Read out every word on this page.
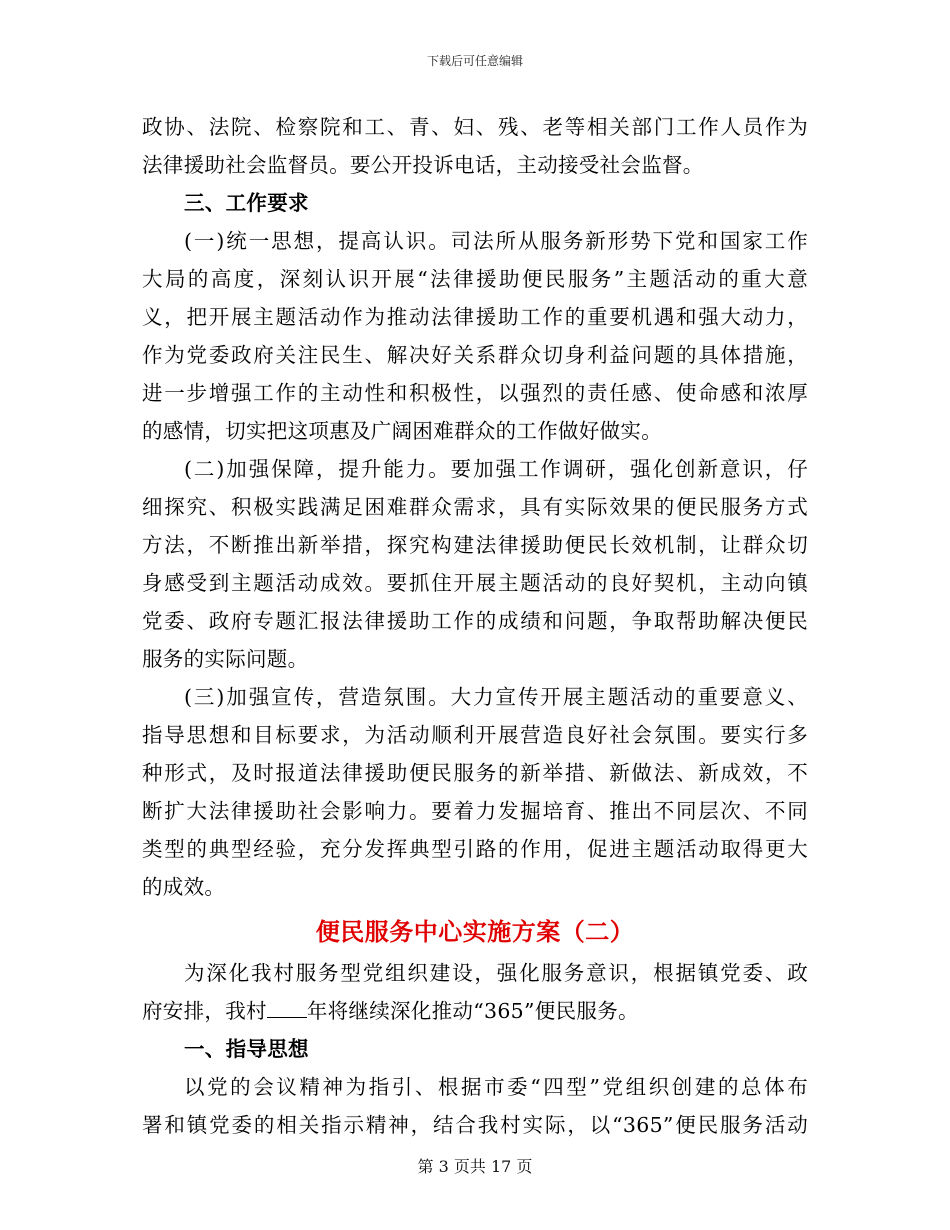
下载后可任意编辑
政协、法院、检察院和工、青、妇、残、老等相关部门工作人员作为
法律援助社会监督员。要公开投诉电话，主动接受社会监督。
三、工作要求
(一)统一思想，提高认识。司法所从服务新形势下党和国家工作
大局的高度，深刻认识开展“法律援助便民服务”主题活动的重大意
义，把开展主题活动作为推动法律援助工作的重要机遇和强大动力，
作为党委政府关注民生、解决好关系群众切身利益问题的具体措施，
进一步增强工作的主动性和积极性，以强烈的责任感、使命感和浓厚
的感情，切实把这项惠及广阔困难群众的工作做好做实。
(二)加强保障，提升能力。要加强工作调研，强化创新意识，仔
细探究、积极实践满足困难群众需求，具有实际效果的便民服务方式
方法，不断推出新举措，探究构建法律援助便民长效机制，让群众切
身感受到主题活动成效。要抓住开展主题活动的良好契机，主动向镇
党委、政府专题汇报法律援助工作的成绩和问题，争取帮助解决便民
服务的实际问题。
(三)加强宣传，营造氛围。大力宣传开展主题活动的重要意义、
指导思想和目标要求，为活动顺利开展营造良好社会氛围。要实行多
种形式，及时报道法律援助便民服务的新举措、新做法、新成效，不
断扩大法律援助社会影响力。要着力发掘培育、推出不同层次、不同
类型的典型经验，充分发挥典型引路的作用，促进主题活动取得更大
的成效。
便民服务中心实施方案（二）
为深化我村服务型党组织建设，强化服务意识，根据镇党委、政
府安排，我村 年将继续深化推动“365”便民服务。
一、指导思想
以党的会议精神为指引、根据市委“四型”党组织创建的总体布
署和镇党委的相关指示精神，结合我村实际，以“365”便民服务活动
第 3 页共 17 页
